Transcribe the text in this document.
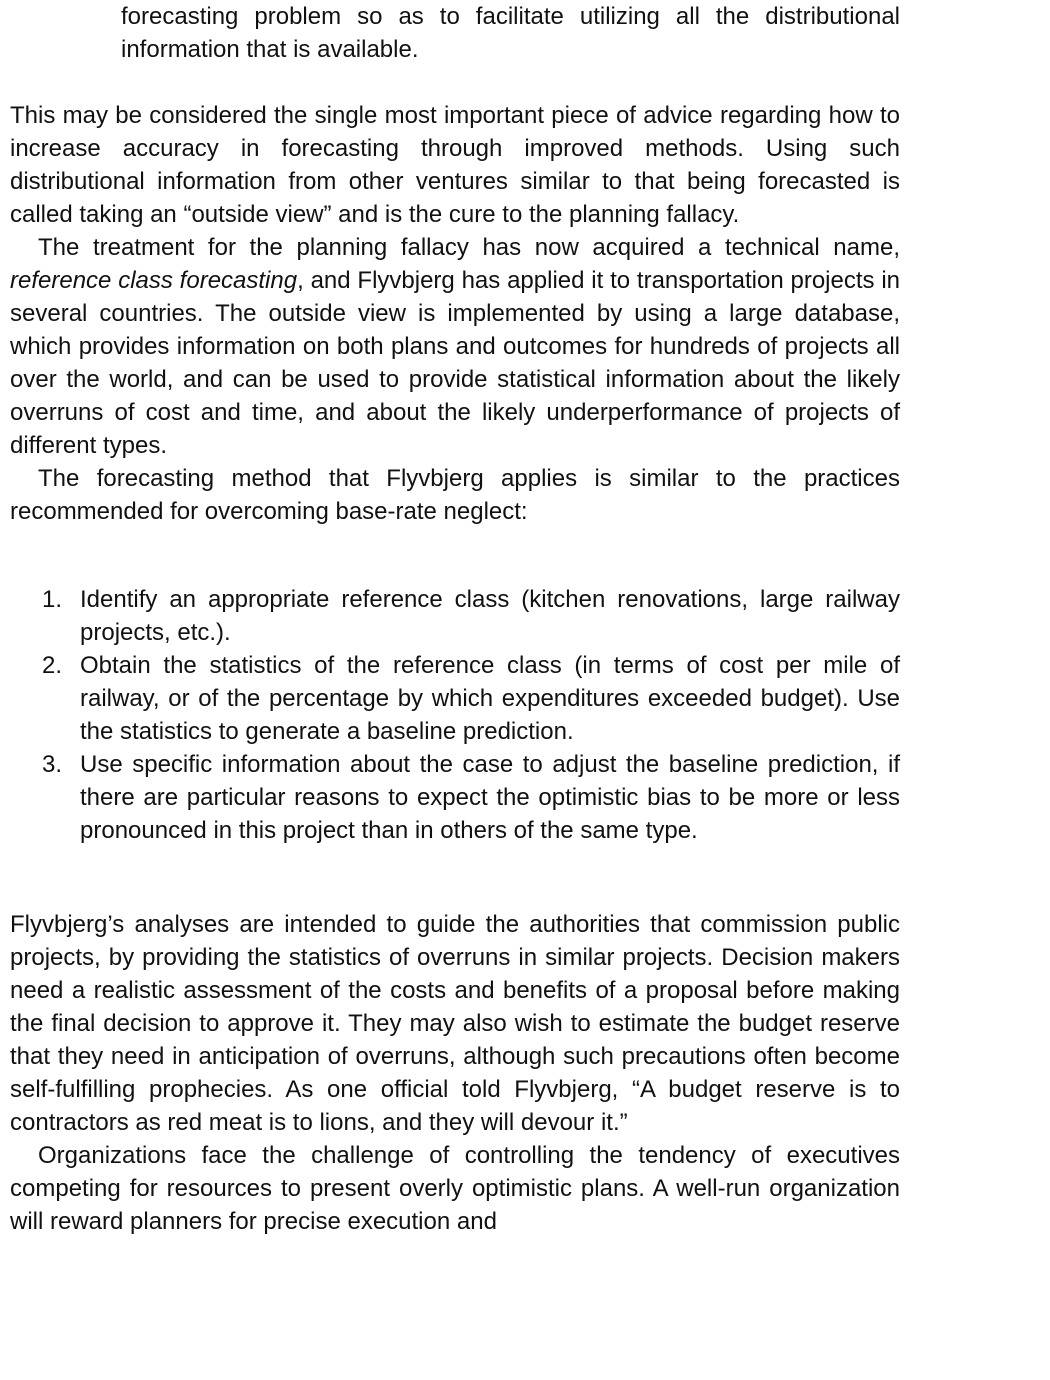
forecasting problem so as to facilitate utilizing all the distributional information that is available.

This may be considered the single most important piece of advice regarding how to increase accuracy in forecasting through improved methods. Using such distributional information from other ventures similar to that being forecasted is called taking an “outside view” and is the cure to the planning fallacy.

The treatment for the planning fallacy has now acquired a technical name, reference class forecasting, and Flyvbjerg has applied it to transportation projects in several countries. The outside view is implemented by using a large database, which provides information on both plans and outcomes for hundreds of projects all over the world, and can be used to provide statistical information about the likely overruns of cost and time, and about the likely underperformance of projects of different types.

The forecasting method that Flyvbjerg applies is similar to the practices recommended for overcoming base-rate neglect:

1. Identify an appropriate reference class (kitchen renovations, large railway projects, etc.).

2. Obtain the statistics of the reference class (in terms of cost per mile of railway, or of the percentage by which expenditures exceeded budget). Use the statistics to generate a baseline prediction.

3. Use specific information about the case to adjust the baseline prediction, if there are particular reasons to expect the optimistic bias to be more or less pronounced in this project than in others of the same type.

Flyvbjerg’s analyses are intended to guide the authorities that commission public projects, by providing the statistics of overruns in similar projects. Decision makers need a realistic assessment of the costs and benefits of a proposal before making the final decision to approve it. They may also wish to estimate the budget reserve that they need in anticipation of overruns, although such precautions often become self-fulfilling prophecies. As one official told Flyvbjerg, “A budget reserve is to contractors as red meat is to lions, and they will devour it.”

Organizations face the challenge of controlling the tendency of executives competing for resources to present overly optimistic plans. A well-run organization will reward planners for precise execution and
